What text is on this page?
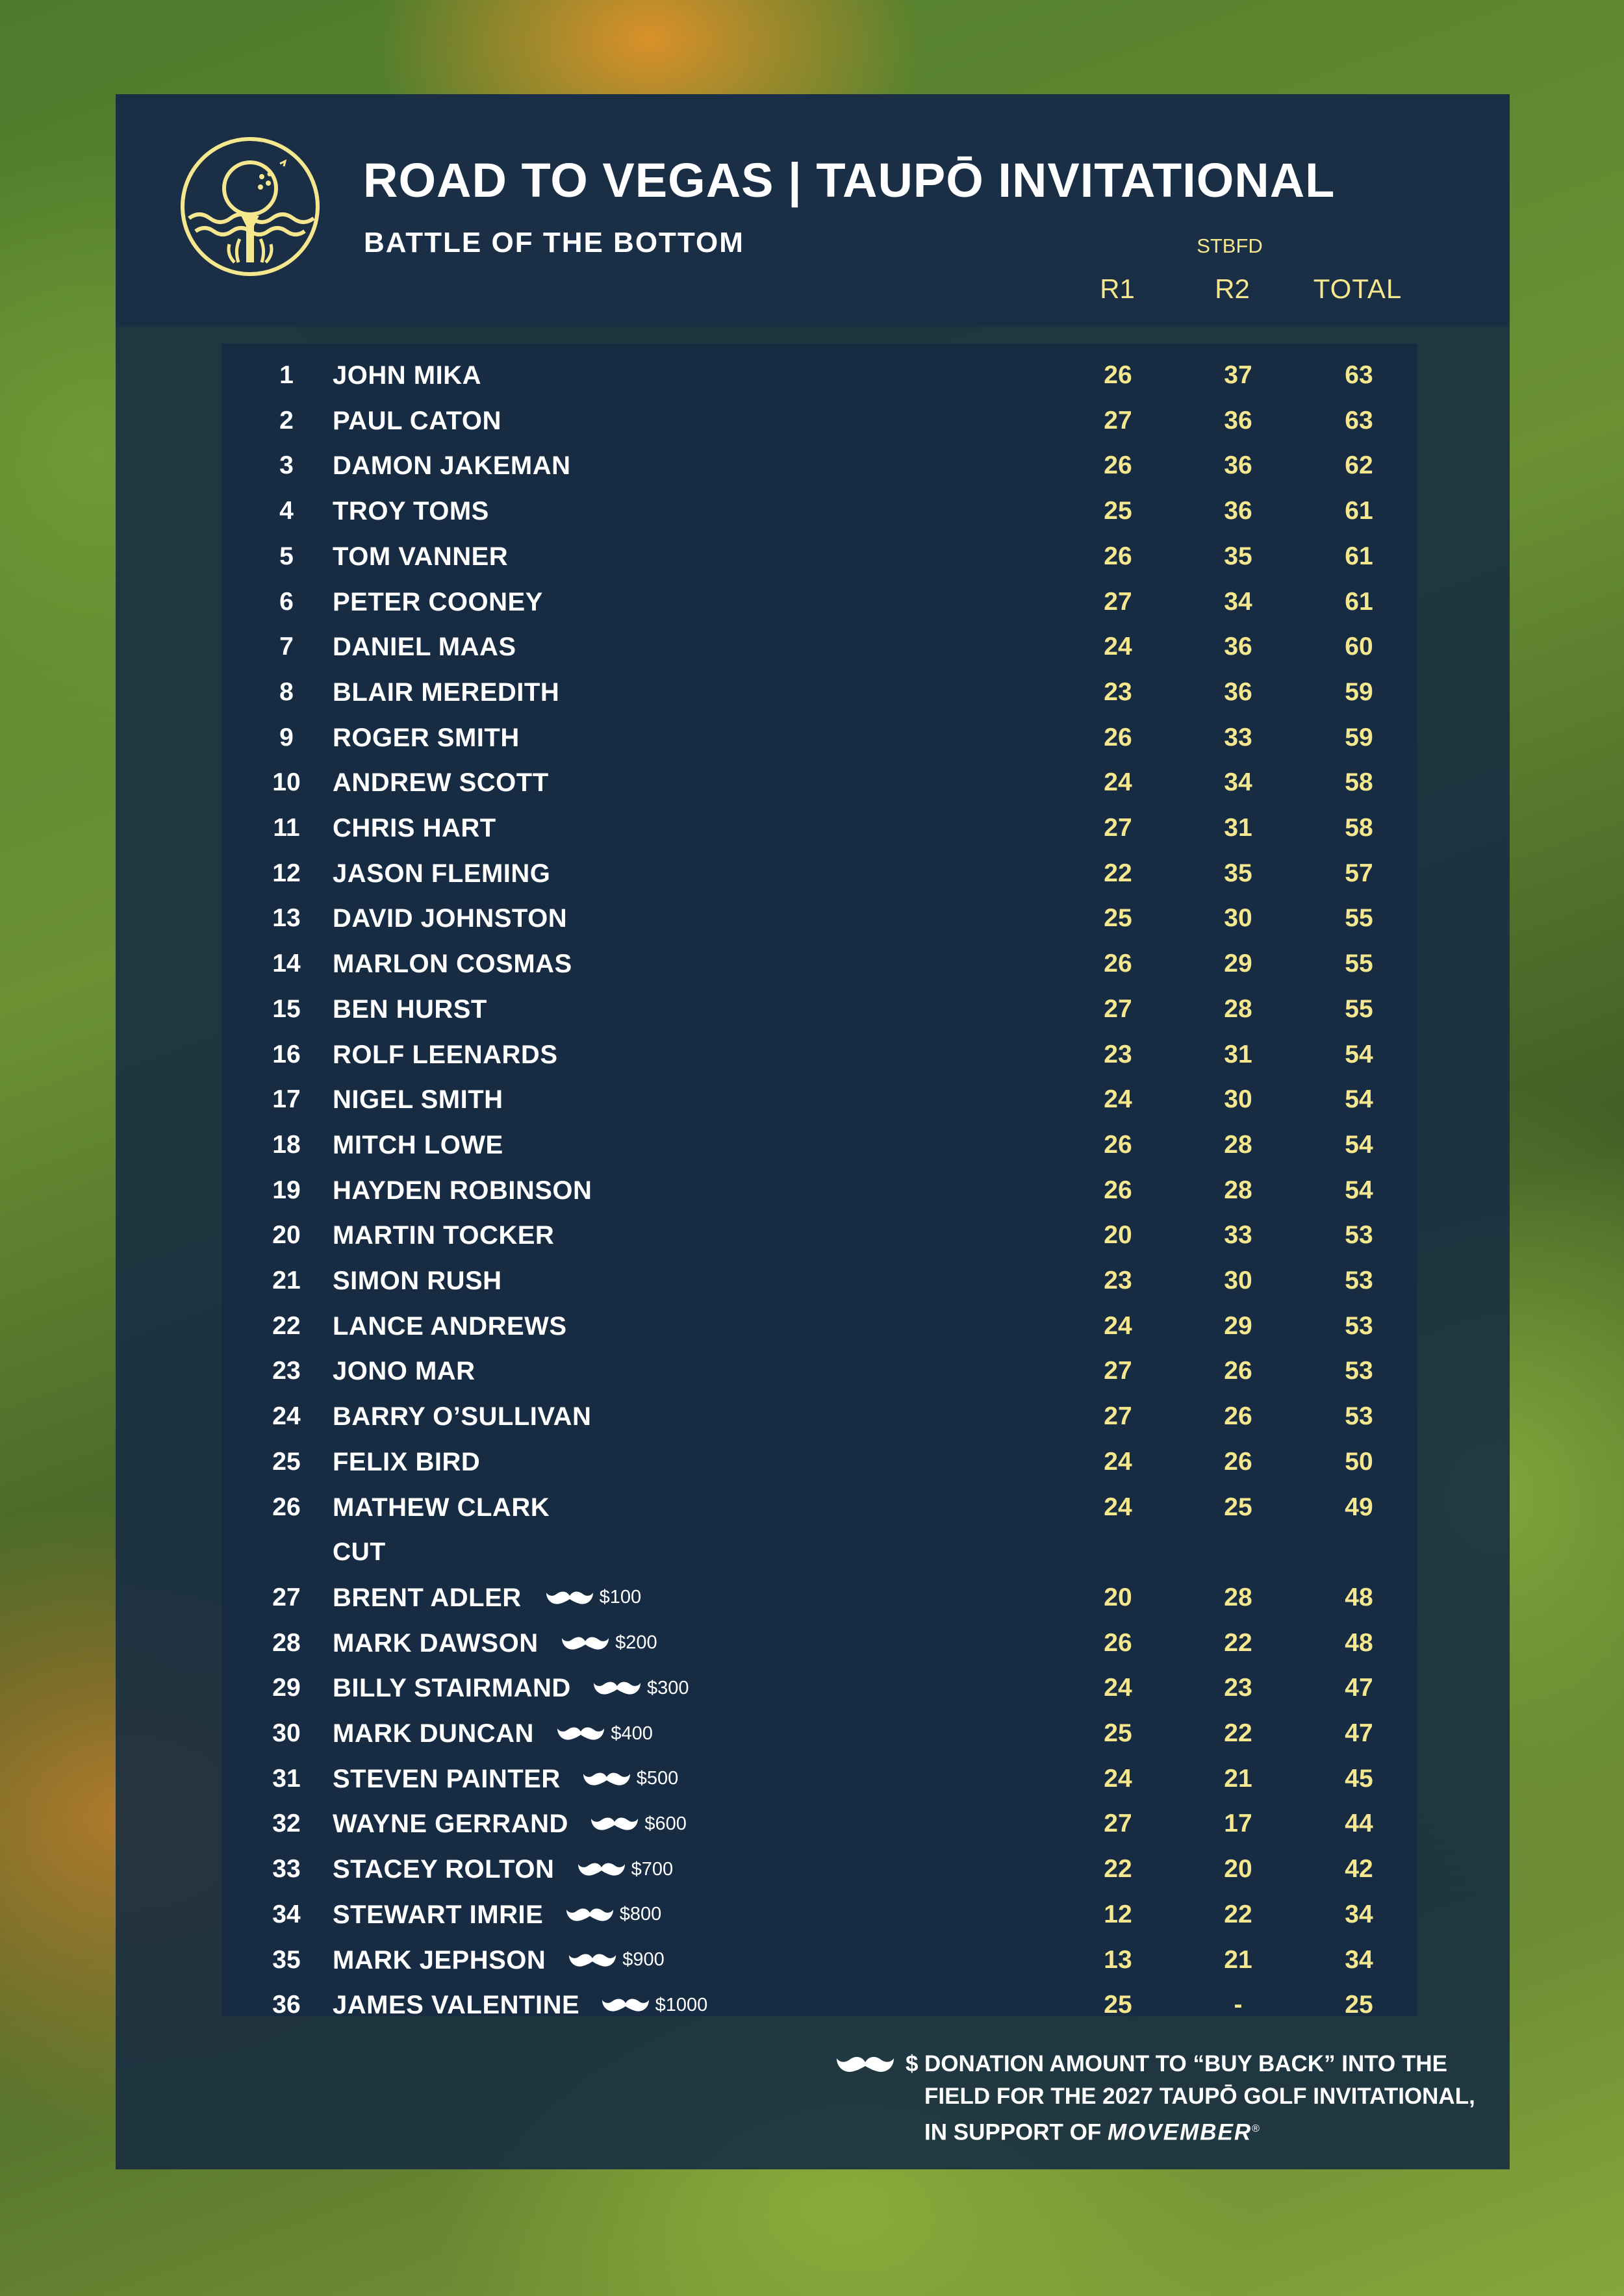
ROAD TO VEGAS | TAUPŌ INVITATIONAL
BATTLE OF THE BOTTOM	STBFD
R1	R2 TOTAL
1	JOHN MIKA	26	37	63
2	PAUL CATON	27	36	63
3	DAMON JAKEMAN	26	36	62
4	TROY TOMS	25	36	61
5	TOM VANNER	26	35	61
6	PETER COONEY	27	34	61
7	DANIEL MAAS	24	36	60
8	BLAIR MEREDITH	23	36	59
9	ROGER SMITH	26	33	59
10	ANDREW SCOTT	24	34	58
11	CHRIS HART	27	31	58
12	JASON FLEMING	22	35	57
13	DAVID JOHNSTON	25	30	55
14	MARLON COSMAS	26	29	55
15	BEN HURST	27	28	55
16	ROLF LEENARDS	23	31	54
17	NIGEL SMITH	24	30	54
18	MITCH LOWE	26	28	54
19	HAYDEN ROBINSON	26	28	54
20	MARTIN TOCKER	20	33	53
21	SIMON RUSH	23	30	53
22	LANCE ANDREWS	24	29	53
23	JONO MAR	27	26	53
24	BARRY O’SULLIVAN	27	26	53
25	FELIX BIRD	24	26	50
26	MATHEW CLARK	24	25	49
CUT
27	BRENT ADLER	$100	20	28	48
28	MARK DAWSON	$200	26	22	48
29	BILLY STAIRMAND	$300	24	23	47
30	MARK DUNCAN	$400	25	22	47
31	STEVEN PAINTER	$500	24	21	45
32	WAYNE GERRAND	$600	27	17	44
33	STACEY ROLTON	$700	22	20	42
34	STEWART IMRIE	$800	12	22	34
35	MARK JEPHSON	$900	13	21	34
36	JAMES VALENTINE	$1000	25	-	25
$ DONATION AMOUNT TO “BUY BACK” INTO THE
FIELD FOR THE 2027 TAUPŌ GOLF INVITATIONAL,
IN SUPPORT OF MOVEMBER®
